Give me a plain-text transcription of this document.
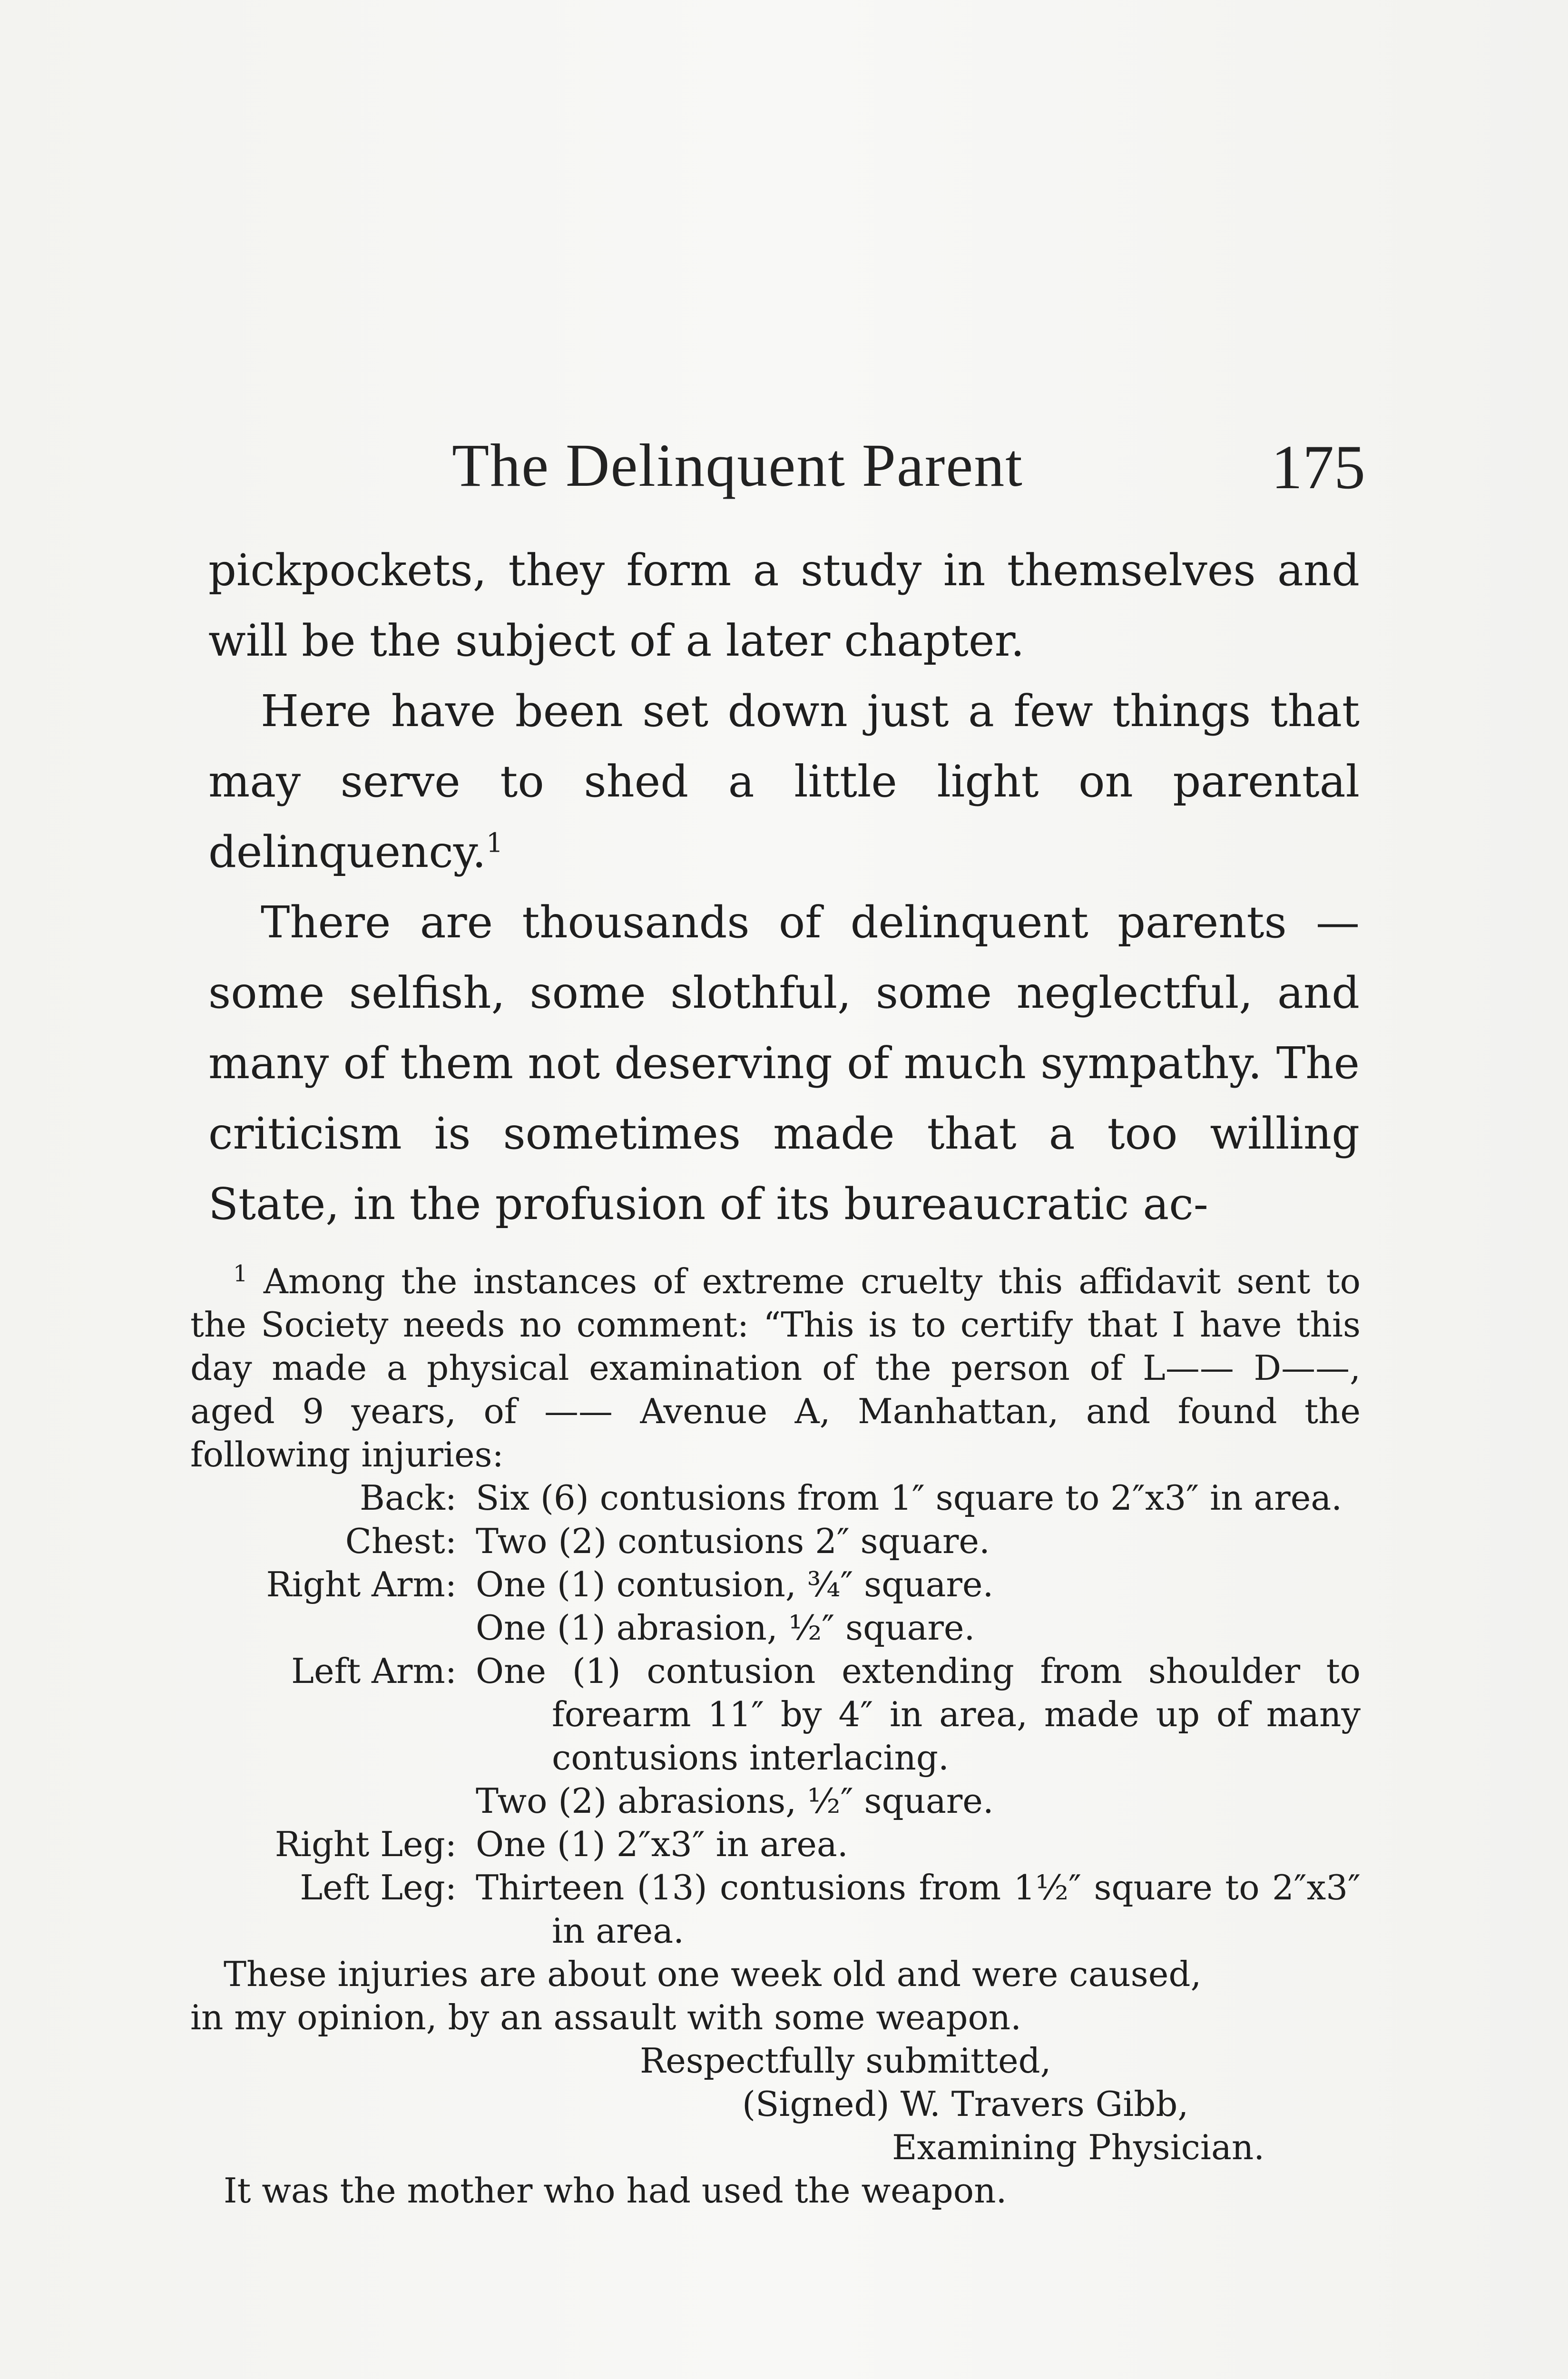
The Delinquent Parent	175

pickpockets, they form a study in themselves and will be the subject of a later chapter.

Here have been set down just a few things that may serve to shed a little light on parental delinquency.$^1$

There are thousands of delinquent parents — some selfish, some slothful, some neglectful, and many of them not deserving of much sympathy. The criticism is sometimes made that a too willing State, in the profusion of its bureaucratic ac-

$^1$ Among the instances of extreme cruelty this affidavit sent to the Society needs no comment: “This is to certify that I have this day made a physical examination of the person of L—— D——, aged 9 years, of —— Avenue A, Manhattan, and found the following injuries:

Back: Six (6) contusions from 1″ square to 2″x3″ in area.
Chest: Two (2) contusions 2″ square.
Right Arm: One (1) contusion, ¾″ square.
One (1) abrasion, ½″ square.
Left Arm: One (1) contusion extending from shoulder to forearm 11″ by 4″ in area, made up of many contusions interlacing.
Two (2) abrasions, ½″ square.
Right Leg: One (1) 2″x3″ in area.
Left Leg: Thirteen (13) contusions from 1½″ square to 2″x3″ in area.

These injuries are about one week old and were caused,

in my opinion, by an assault with some weapon.

Respectfully submitted,

(Signed) W. Travers Gibb,

Examining Physician.

It was the mother who had used the weapon.
